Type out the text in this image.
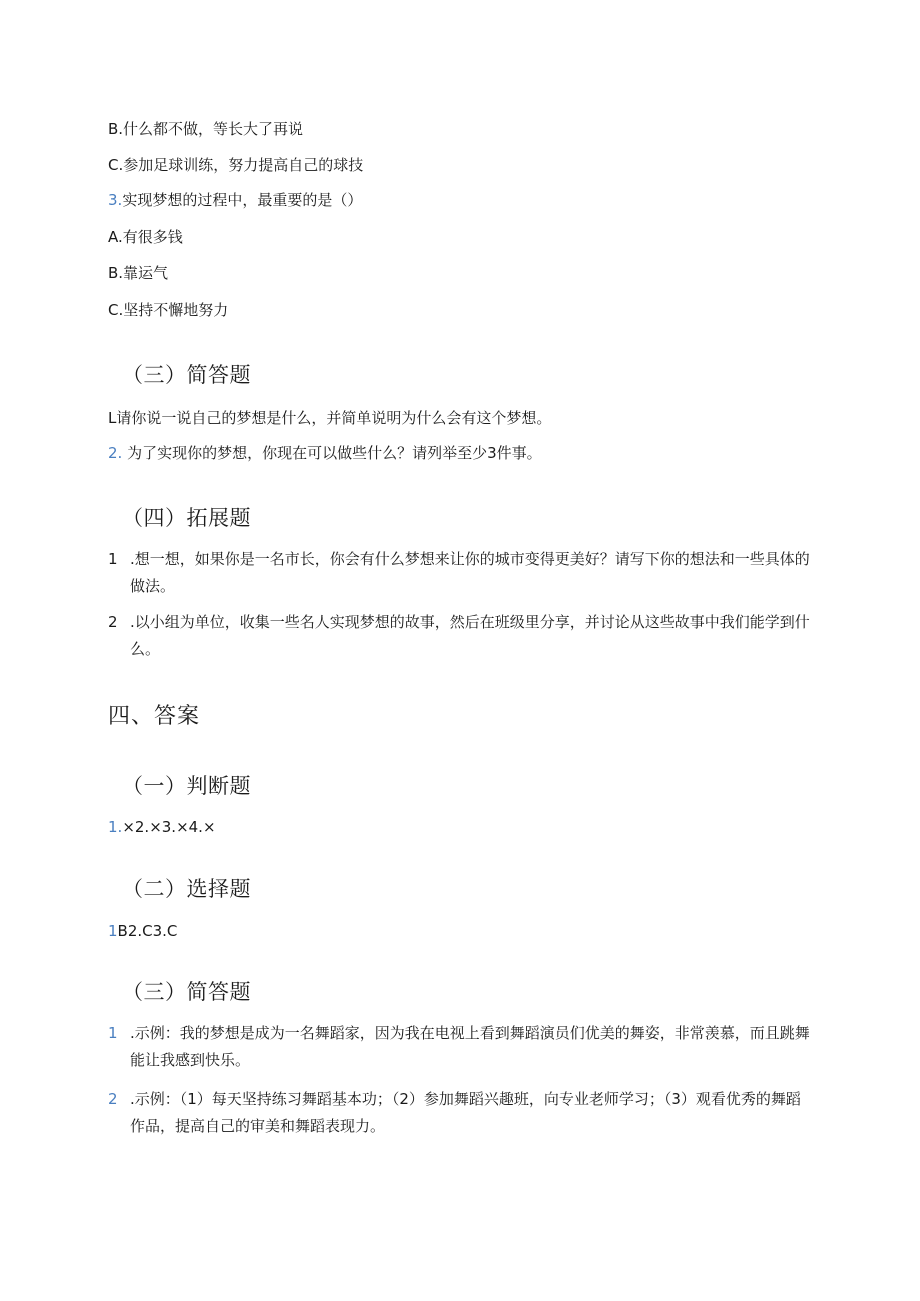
B.什么都不做，等长大了再说
C.参加足球训练，努力提高自己的球技
3.实现梦想的过程中，最重要的是（）
A.有很多钱
B.靠运气
C.坚持不懈地努力
（三）简答题
L请你说一说自己的梦想是什么，并简单说明为什么会有这个梦想。
2. 为了实现你的梦想，你现在可以做些什么？请列举至少3件事。
（四）拓展题
1 .想一想，如果你是一名市长，你会有什么梦想来让你的城市变得更美好？请写下你的想法和一些具体的做法。
2 .以小组为单位，收集一些名人实现梦想的故事，然后在班级里分享，并讨论从这些故事中我们能学到什么。
四、答案
（一）判断题
1.×2.×3.×4.×
（二）选择题
1B2.C3.C
（三）简答题
1 .示例：我的梦想是成为一名舞蹈家，因为我在电视上看到舞蹈演员们优美的舞姿，非常羡慕，而且跳舞能让我感到快乐。
2 .示例：（1）每天坚持练习舞蹈基本功；（2）参加舞蹈兴趣班，向专业老师学习；（3）观看优秀的舞蹈作品，提高自己的审美和舞蹈表现力。
